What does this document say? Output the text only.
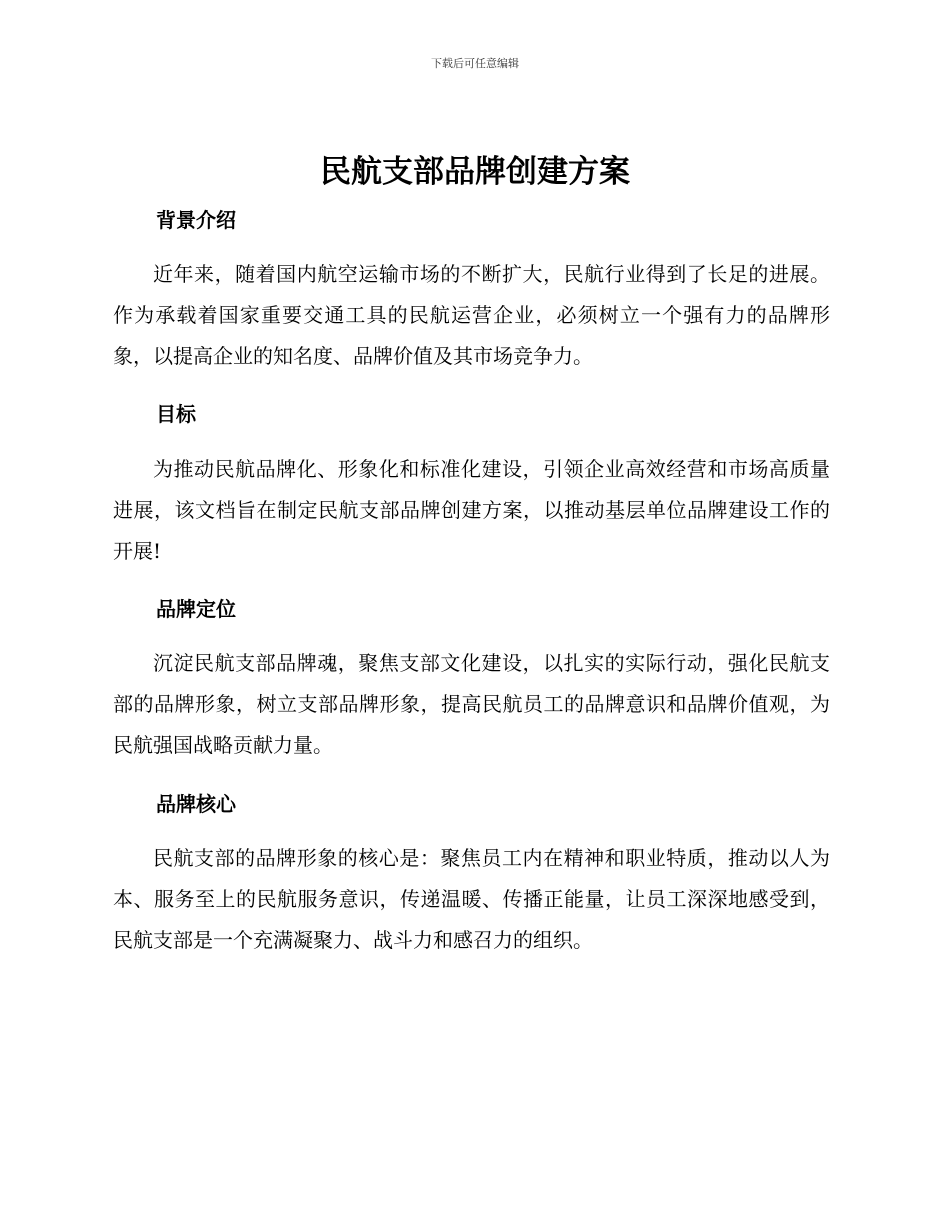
下载后可任意编辑
民航支部品牌创建方案
背景介绍

近年来，随着国内航空运输市场的不断扩大，民航行业得到了长足的进展。作为承载着国家重要交通工具的民航运营企业，必须树立一个强有力的品牌形象，以提高企业的知名度、品牌价值及其市场竞争力。

目标

为推动民航品牌化、形象化和标准化建设，引领企业高效经营和市场高质量进展，该文档旨在制定民航支部品牌创建方案，以推动基层单位品牌建设工作的开展!

品牌定位

沉淀民航支部品牌魂，聚焦支部文化建设，以扎实的实际行动，强化民航支部的品牌形象，树立支部品牌形象，提高民航员工的品牌意识和品牌价值观，为民航强国战略贡献力量。

品牌核心

民航支部的品牌形象的核心是：聚焦员工内在精神和职业特质，推动以人为本、服务至上的民航服务意识，传递温暖、传播正能量，让员工深深地感受到，民航支部是一个充满凝聚力、战斗力和感召力的组织。
